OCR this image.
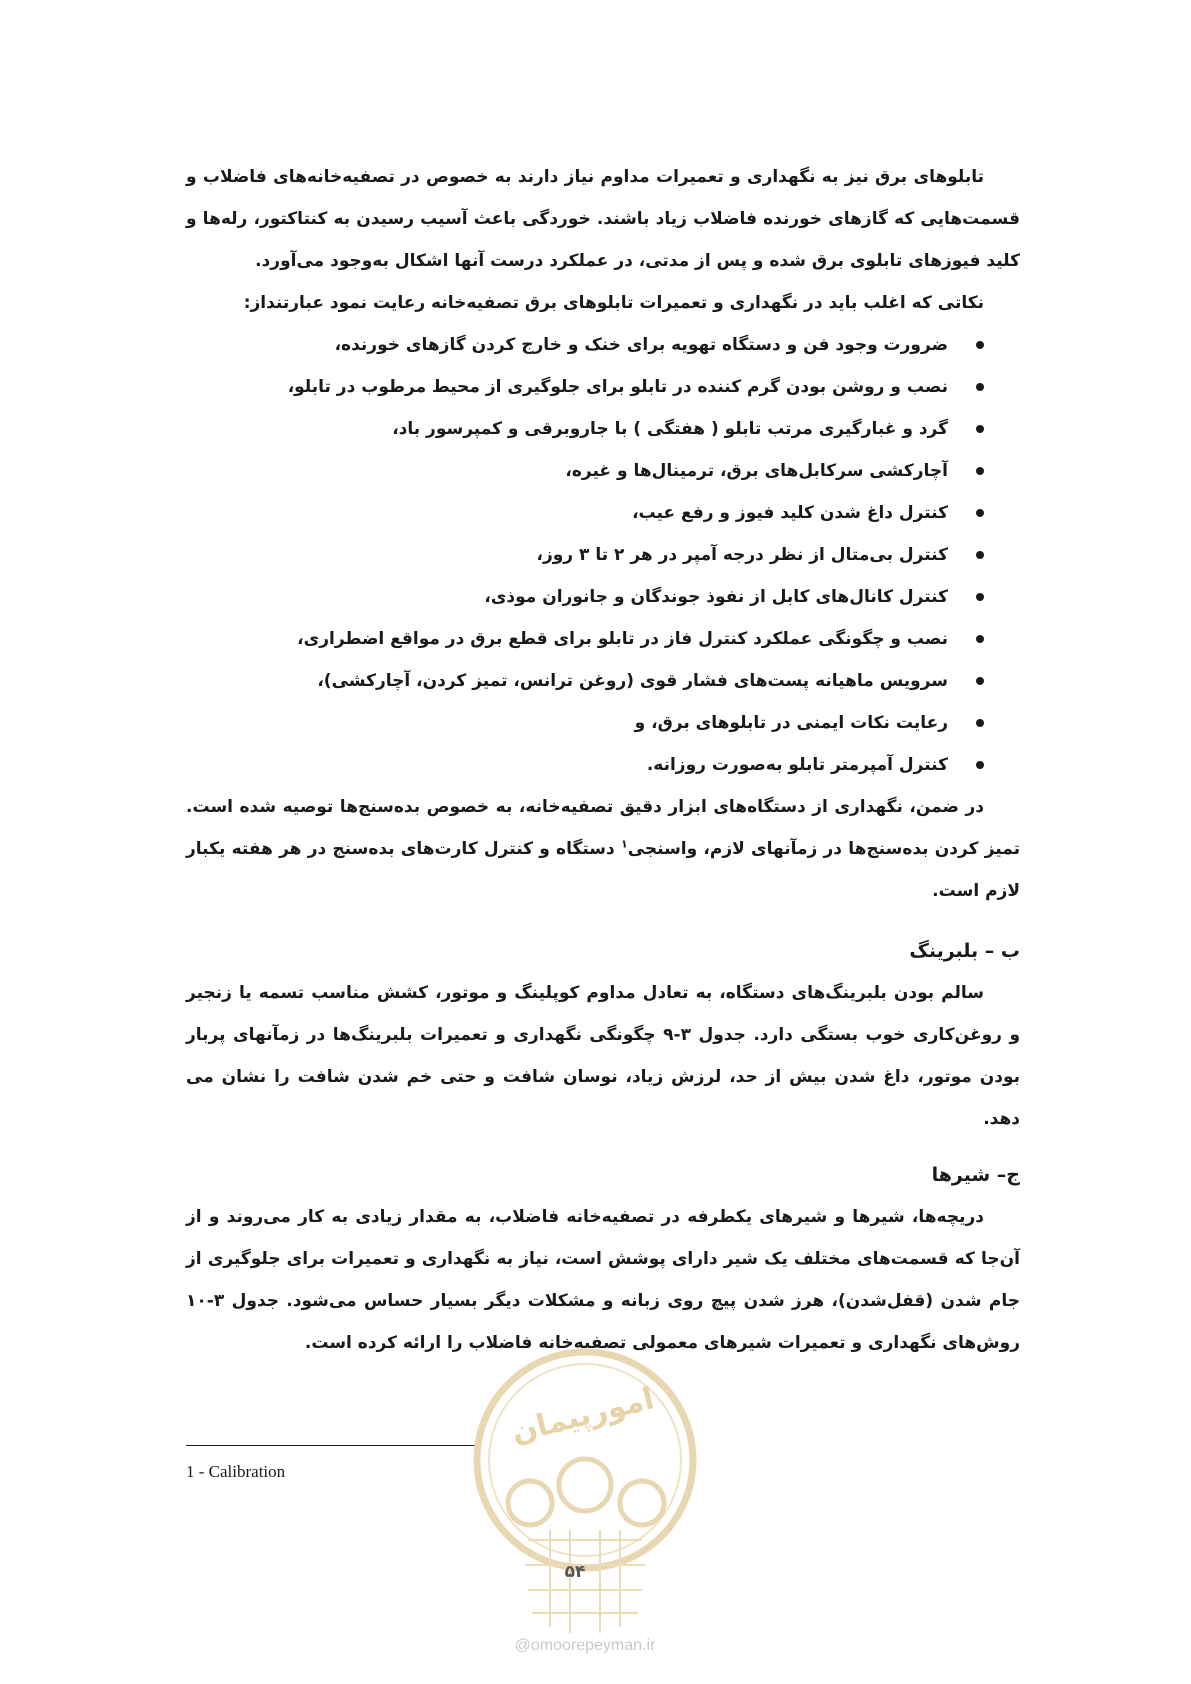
تابلوهای برق نیز به نگهداری و تعمیرات مداوم نیاز دارند به خصوص در تصفیه‌خانه‌های فاضلاب و قسمت‌هایی که گازهای خورنده فاضلاب زیاد باشند. خوردگی باعث آسیب رسیدن به کنتاکتور، رله‌ها و کلید فیوزهای تابلوی برق شده و پس از مدتی، در عملکرد درست آنها اشکال به‌وجود می‌آورد.

نکاتی که اغلب باید در نگهداری و تعمیرات تابلوهای برق تصفیه‌خانه رعایت نمود عبارتنداز:

ضرورت وجود فن و دستگاه تهویه برای خنک و خارج کردن گازهای خورنده،
نصب و روشن بودن گرم کننده در تابلو برای جلوگیری از محیط مرطوب در تابلو،
گرد و غبارگیری مرتب تابلو ( هفتگی ) با جاروبرقی و کمپرسور باد،
آچارکشی سرکابل‌های برق، ترمینال‌ها و غیره،
کنترل داغ شدن کلید فیوز و رفع عیب،
کنترل بی‌متال از نظر درجه آمپر در هر ۲ تا ۳ روز،
کنترل کانال‌های کابل از نفوذ جوندگان و جانوران موذی،
نصب و چگونگی عملکرد کنترل فاز در تابلو برای قطع برق در مواقع اضطراری،
سرویس ماهیانه پست‌های فشار قوی (روغن ترانس، تمیز کردن، آچارکشی)،
رعایت نکات ایمنی در تابلوهای برق، و
کنترل آمپرمتر تابلو به‌صورت روزانه.

در ضمن، نگهداری از دستگاه‌های ابزار دقیق تصفیه‌خانه، به خصوص بده‌سنج‌ها توصیه شده است. تمیز کردن بده‌سنج‌ها در زمآنهای لازم، واسنجی$^۱$ دستگاه و کنترل کارت‌های بده‌سنج در هر هفته یکبار لازم است.

ب – بلبرینگ

سالم بودن بلبرینگ‌های دستگاه، به تعادل مداوم کوپلینگ و موتور، کشش مناسب تسمه یا زنجیر و روغن‌کاری خوب بستگی دارد. جدول ۳-۹ چگونگی نگهداری و تعمیرات بلبرینگ‌ها در زمآنهای پربار بودن موتور، داغ شدن بیش از حد، لرزش زیاد، نوسان شافت و حتی خم شدن شافت را نشان می دهد.

ج– شیرها

دریچه‌ها، شیرها و شیرهای یکطرفه در تصفیه‌خانه فاضلاب، به مقدار زیادی به کار می‌روند و از آن‌جا که قسمت‌های مختلف یک شیر دارای پوشش است، نیاز به نگهداری و تعمیرات برای جلوگیری از جام شدن (قفل‌شدن)، هرز شدن پیچ روی زبانه و مشکلات دیگر بسیار حساس می‌شود. جدول ۳-۱۰ روش‌های نگهداری و تعمیرات شیرهای معمولی تصفیه‌خانه فاضلاب را ارائه کرده است.

1 - Calibration
امورپیمان
۵۴
@omoorepeyman.ir
